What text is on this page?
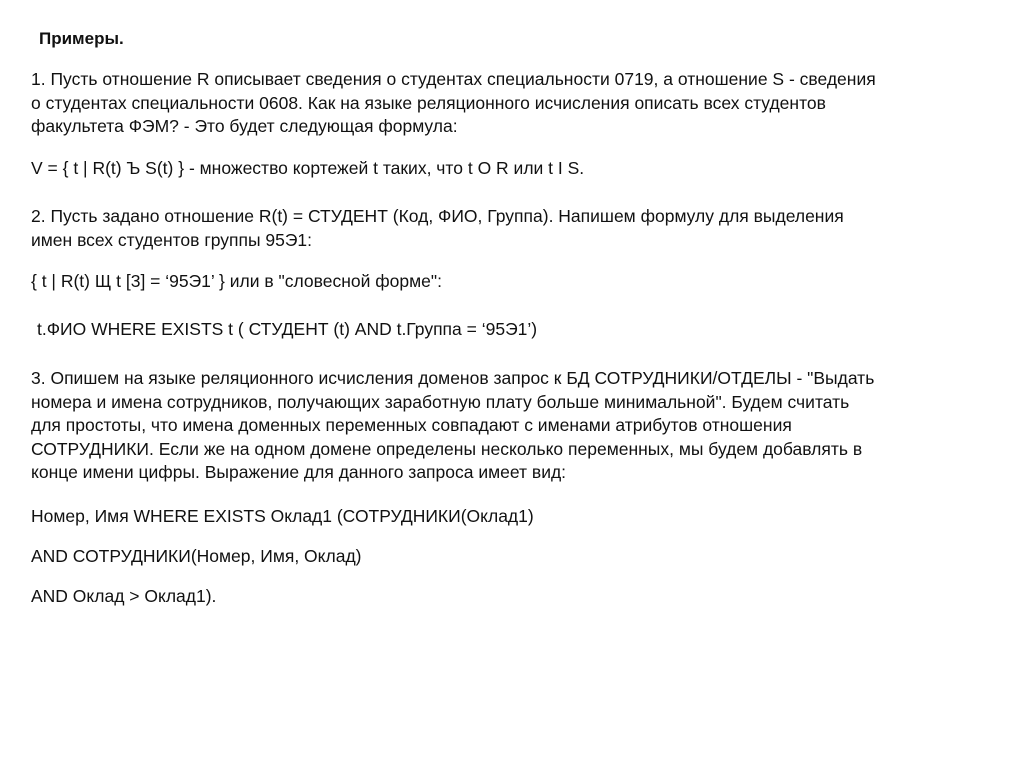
Примеры.

1. Пусть отношение R описывает сведения о студентах специальности 0719, а отношение S - сведения
о студентах специальности 0608. Как на языке реляционного исчисления описать всех студентов
факультета ФЭМ? - Это будет следующая формула:

V = { t | R(t) Ъ S(t) } - множество кортежей t таких, что t O R или t I S.

2. Пусть задано отношение R(t) = СТУДЕНТ (Код, ФИО, Группа). Напишем формулу для выделения
имен всех студентов группы 95Э1:

{ t | R(t) Щ t [3] = ‘95Э1’ } или в "словесной форме":

t.ФИО WHERE EXISTS t ( СТУДЕНТ (t) AND t.Группа = ‘95Э1’)

3. Опишем на языке реляционного исчисления доменов запрос к БД СОТРУДНИКИ/ОТДЕЛЫ - "Выдать
номера и имена сотрудников, получающих заработную плату больше минимальной". Будем считать
для простоты, что имена доменных переменных совпадают с именами атрибутов отношения
СОТРУДНИКИ. Если же на одном домене определены несколько переменных, мы будем добавлять в
конце имени цифры. Выражение для данного запроса имеет вид:

Номер, Имя WHERE EXISTS Оклад1 (СОТРУДНИКИ(Оклад1)

AND СОТРУДНИКИ(Номер, Имя, Оклад)

AND Оклад > Оклад1).
